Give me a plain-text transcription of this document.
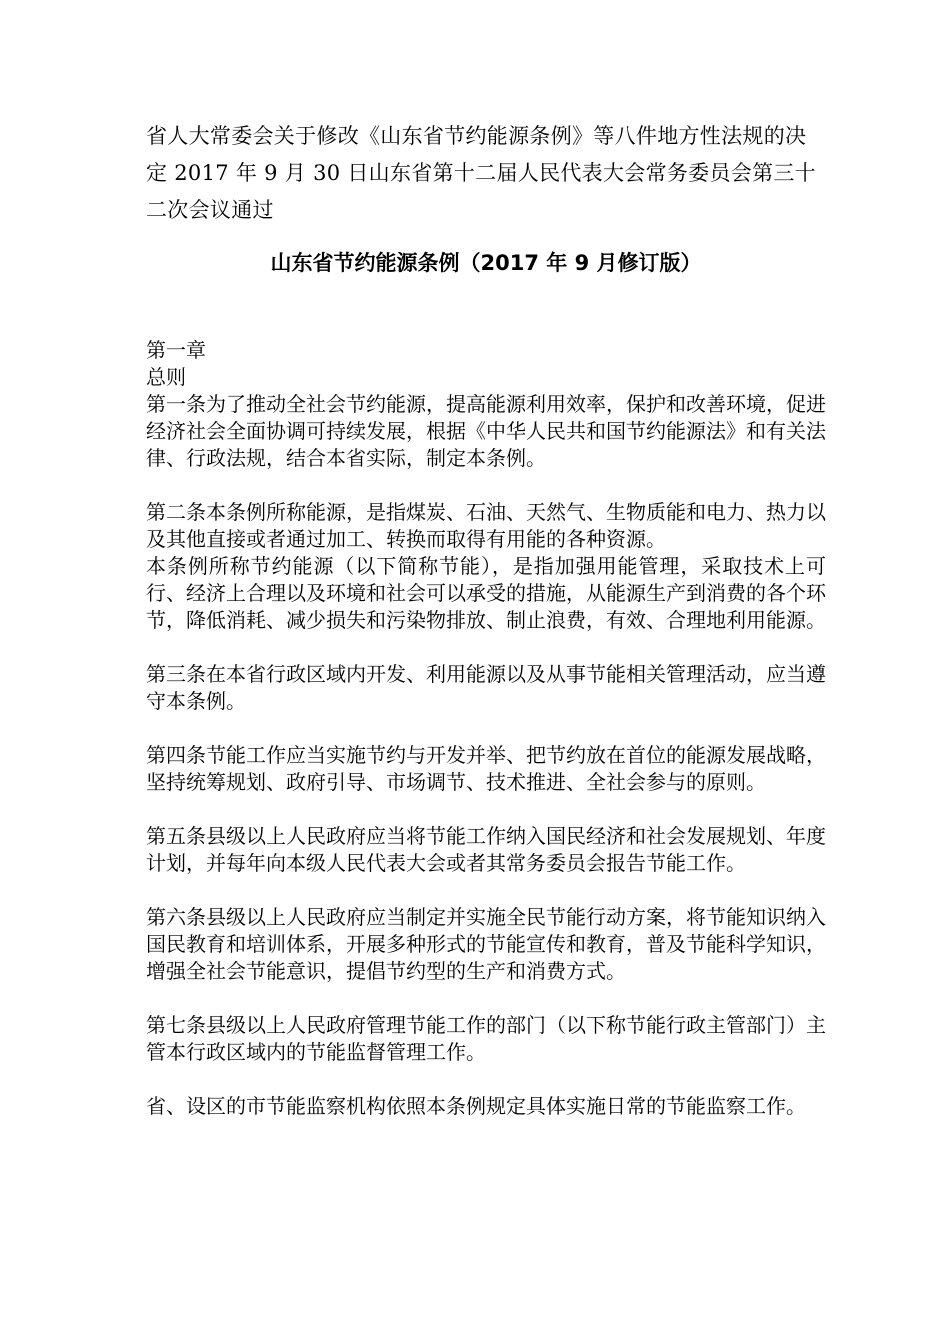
省人大常委会关于修改《山东省节约能源条例》等八件地方性法规的决定 2017 年 9 月 30 日山东省第十二届人民代表大会常务委员会第三十二次会议通过

山东省节约能源条例（2017 年 9 月修订版）
第一章
总则

第一条为了推动全社会节约能源，提高能源利用效率，保护和改善环境，促进经济社会全面协调可持续发展，根据《中华人民共和国节约能源法》和有关法律、行政法规，结合本省实际，制定本条例。

第二条本条例所称能源，是指煤炭、石油、天然气、生物质能和电力、热力以及其他直接或者通过加工、转换而取得有用能的各种资源。

本条例所称节约能源（以下简称节能），是指加强用能管理，采取技术上可行、经济上合理以及环境和社会可以承受的措施，从能源生产到消费的各个环节，降低消耗、减少损失和污染物排放、制止浪费，有效、合理地利用能源。

第三条在本省行政区域内开发、利用能源以及从事节能相关管理活动，应当遵守本条例。

第四条节能工作应当实施节约与开发并举、把节约放在首位的能源发展战略，坚持统筹规划、政府引导、市场调节、技术推进、全社会参与的原则。

第五条县级以上人民政府应当将节能工作纳入国民经济和社会发展规划、年度计划，并每年向本级人民代表大会或者其常务委员会报告节能工作。

第六条县级以上人民政府应当制定并实施全民节能行动方案，将节能知识纳入国民教育和培训体系，开展多种形式的节能宣传和教育，普及节能科学知识，增强全社会节能意识，提倡节约型的生产和消费方式。

第七条县级以上人民政府管理节能工作的部门（以下称节能行政主管部门）主管本行政区域内的节能监督管理工作。

省、设区的市节能监察机构依照本条例规定具体实施日常的节能监察工作。
